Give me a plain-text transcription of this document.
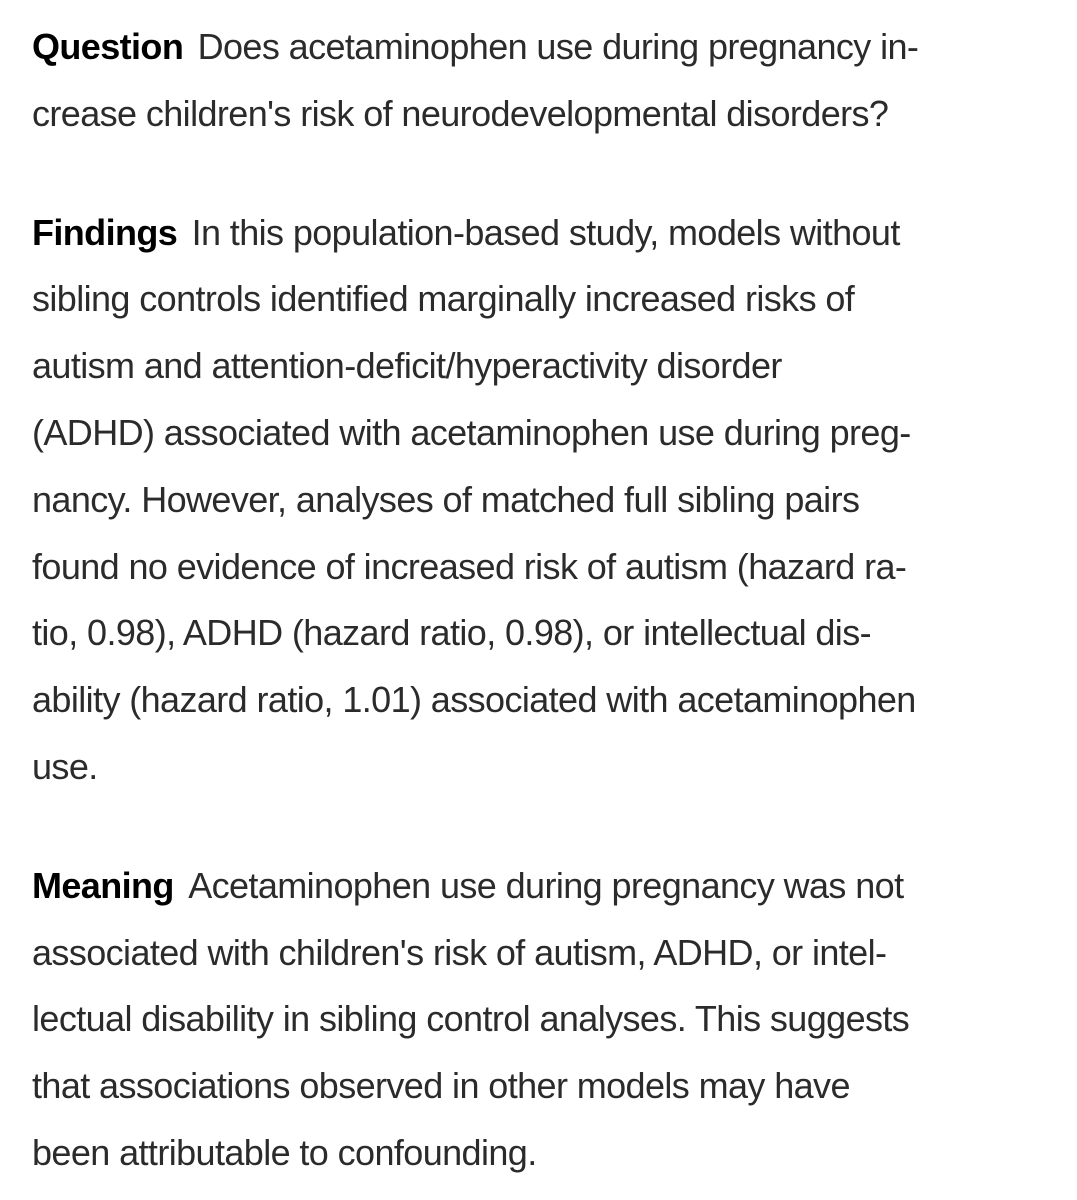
Question Does acetaminophen use during pregnancy in-
crease children's risk of neurodevelopmental disorders?
Findings In this population-based study, models without
sibling controls identified marginally increased risks of
autism and attention-deficit/hyperactivity disorder
(ADHD) associated with acetaminophen use during preg-
nancy. However, analyses of matched full sibling pairs
found no evidence of increased risk of autism (hazard ra-
tio, 0.98), ADHD (hazard ratio, 0.98), or intellectual dis-
ability (hazard ratio, 1.01) associated with acetaminophen
use.
Meaning Acetaminophen use during pregnancy was not
associated with children's risk of autism, ADHD, or intel-
lectual disability in sibling control analyses. This suggests
that associations observed in other models may have
been attributable to confounding.
